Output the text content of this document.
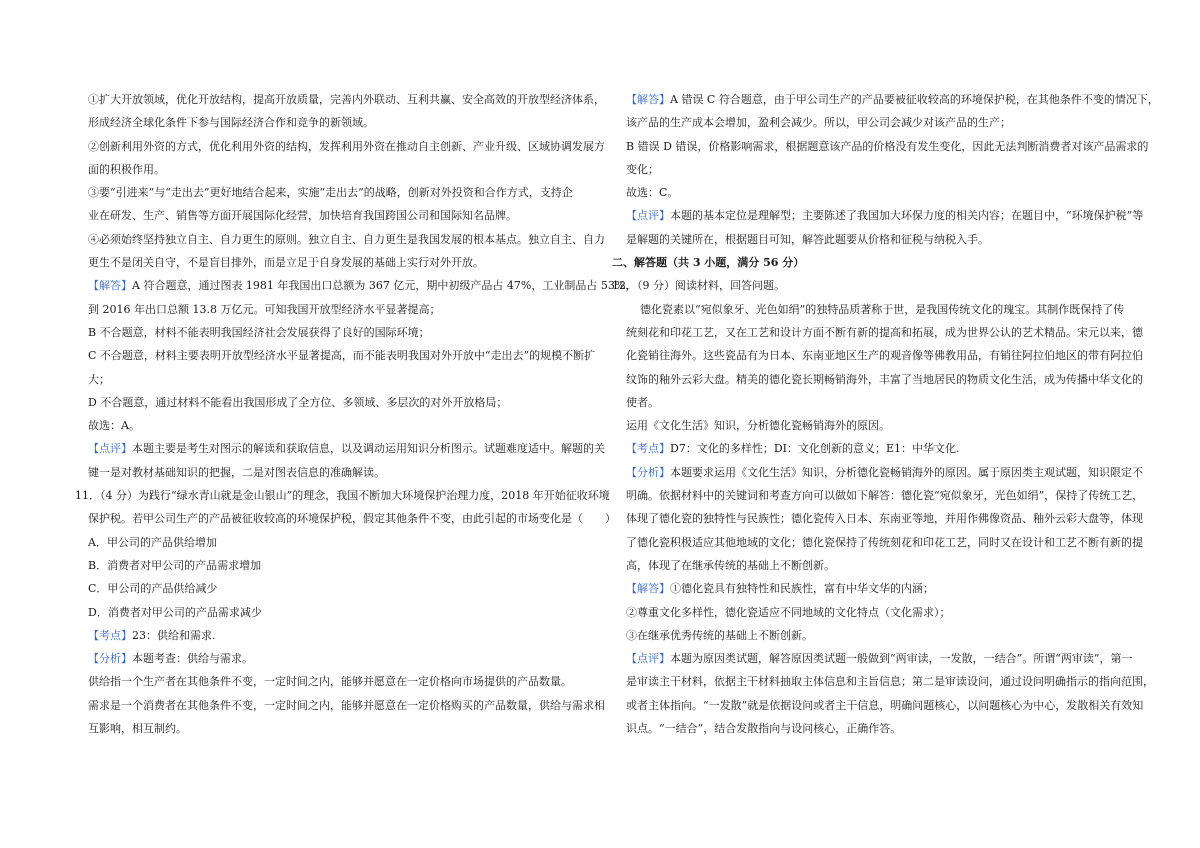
①扩大开放领域，优化开放结构，提高开放质量，完善内外联动、互利共赢、安全高效的开放型经济体系，
形成经济全球化条件下参与国际经济合作和竞争的新领域。
②创新利用外资的方式，优化利用外资的结构，发挥利用外资在推动自主创新、产业升级、区域协调发展方
面的积极作用。
③要“引进来”与“走出去”更好地结合起来，实施“走出去”的战略，创新对外投资和合作方式，支持企
业在研发、生产、销售等方面开展国际化经营，加快培育我国跨国公司和国际知名品牌。
④必须始终坚持独立自主、自力更生的原则。独立自主、自力更生是我国发展的根本基点。独立自主、自力
更生不是闭关自守，不是盲目排外，而是立足于自身发展的基础上实行对外开放。
【解答】A 符合题意，通过图表 1981 年我国出口总额为 367 亿元，期中初级产品占 47%，工业制品占 53%，
到 2016 年出口总额 13.8 万亿元。可知我国开放型经济水平显著提高；
B 不合题意，材料不能表明我国经济社会发展获得了良好的国际环境；
C 不合题意，材料主要表明开放型经济水平显著提高，而不能表明我国对外开放中“走出去”的规模不断扩
大；
D 不合题意，通过材料不能看出我国形成了全方位、多领域、多层次的对外开放格局；
故选：A。
【点评】本题主要是考生对图示的解读和获取信息，以及调动运用知识分析图示。试题难度适中。解题的关
键一是对教材基础知识的把握，二是对图表信息的准确解读。
11．（4 分）为践行“绿水青山就是金山银山”的理念，我国不断加大环境保护治理力度，2018 年开始征收环境
保护税。若甲公司生产的产品被征收较高的环境保护税，假定其他条件不变，由此引起的市场变化是（　　）
A．甲公司的产品供给增加
B．消费者对甲公司的产品需求增加
C．甲公司的产品供给减少
D．消费者对甲公司的产品需求减少
【考点】23：供给和需求.
【分析】本题考查：供给与需求。
供给指一个生产者在其他条件不变，一定时间之内，能够并愿意在一定价格向市场提供的产品数量。
需求是一个消费者在其他条件不变，一定时间之内，能够并愿意在一定价格购买的产品数量，供给与需求相
互影响，相互制约。
【解答】A 错误 C 符合题意，由于甲公司生产的产品要被征收较高的环境保护税，在其他条件不变的情况下，
该产品的生产成本会增加，盈利会减少。所以，甲公司会减少对该产品的生产；
B 错误 D 错误，价格影响需求，根据题意该产品的价格没有发生变化，因此无法判断消费者对该产品需求的
变化；
故选：C。
【点评】本题的基本定位是理解型；主要陈述了我国加大环保力度的相关内容；在题目中，“环境保护税”等
是解题的关键所在，根据题目可知，解答此题要从价格和征税与纳税入手。
二、解答题（共 3 小题，满分 56 分）
12．（9 分）阅读材料，回答问题。
德化瓷素以“宛似象牙、光色如绢”的独特品质著称于世，是我国传统文化的瑰宝。其制作既保持了传
统刻花和印花工艺，又在工艺和设计方面不断有新的提高和拓展，成为世界公认的艺术精品。宋元以来，德
化瓷销往海外。这些瓷品有为日本、东南亚地区生产的观音像等佛教用品，有销往阿拉伯地区的带有阿拉伯
纹饰的釉外云彩大盘。精美的德化瓷长期畅销海外，丰富了当地居民的物质文化生活，成为传播中华文化的
使者。
运用《文化生活》知识，分析德化瓷畅销海外的原因。
【考点】D7：文化的多样性；DI：文化创新的意义；E1：中华文化.
【分析】本题要求运用《文化生活》知识，分析德化瓷畅销海外的原因。属于原因类主观试题，知识限定不
明确。依据材料中的关键词和考查方向可以做如下解答：德化瓷“宛似象牙，光色如绢”，保持了传统工艺，
体现了德化瓷的独特性与民族性；德化瓷传入日本、东南亚等地，并用作佛像资品、釉外云彩大盘等，体现
了德化瓷积极适应其他地域的文化；德化瓷保持了传统刻花和印花工艺，同时又在设计和工艺不断有新的提
高，体现了在继承传统的基础上不断创新。
【解答】①德化瓷具有独特性和民族性，富有中华文华的内涵；
②尊重文化多样性，德化瓷适应不同地域的文化特点（文化需求）；
③在继承优秀传统的基础上不断创新。
【点评】本题为原因类试题，解答原因类试题一般做到“两审读，一发散，一结合”。所谓“两审读”，第一
是审读主干材料，依据主干材料抽取主体信息和主旨信息；第二是审读设问，通过设问明确指示的指向范围，
或者主体指向。“一发散”就是依据设问或者主干信息，明确问题核心，以问题核心为中心，发散相关有效知
识点。“一结合”，结合发散指向与设问核心，正确作答。
